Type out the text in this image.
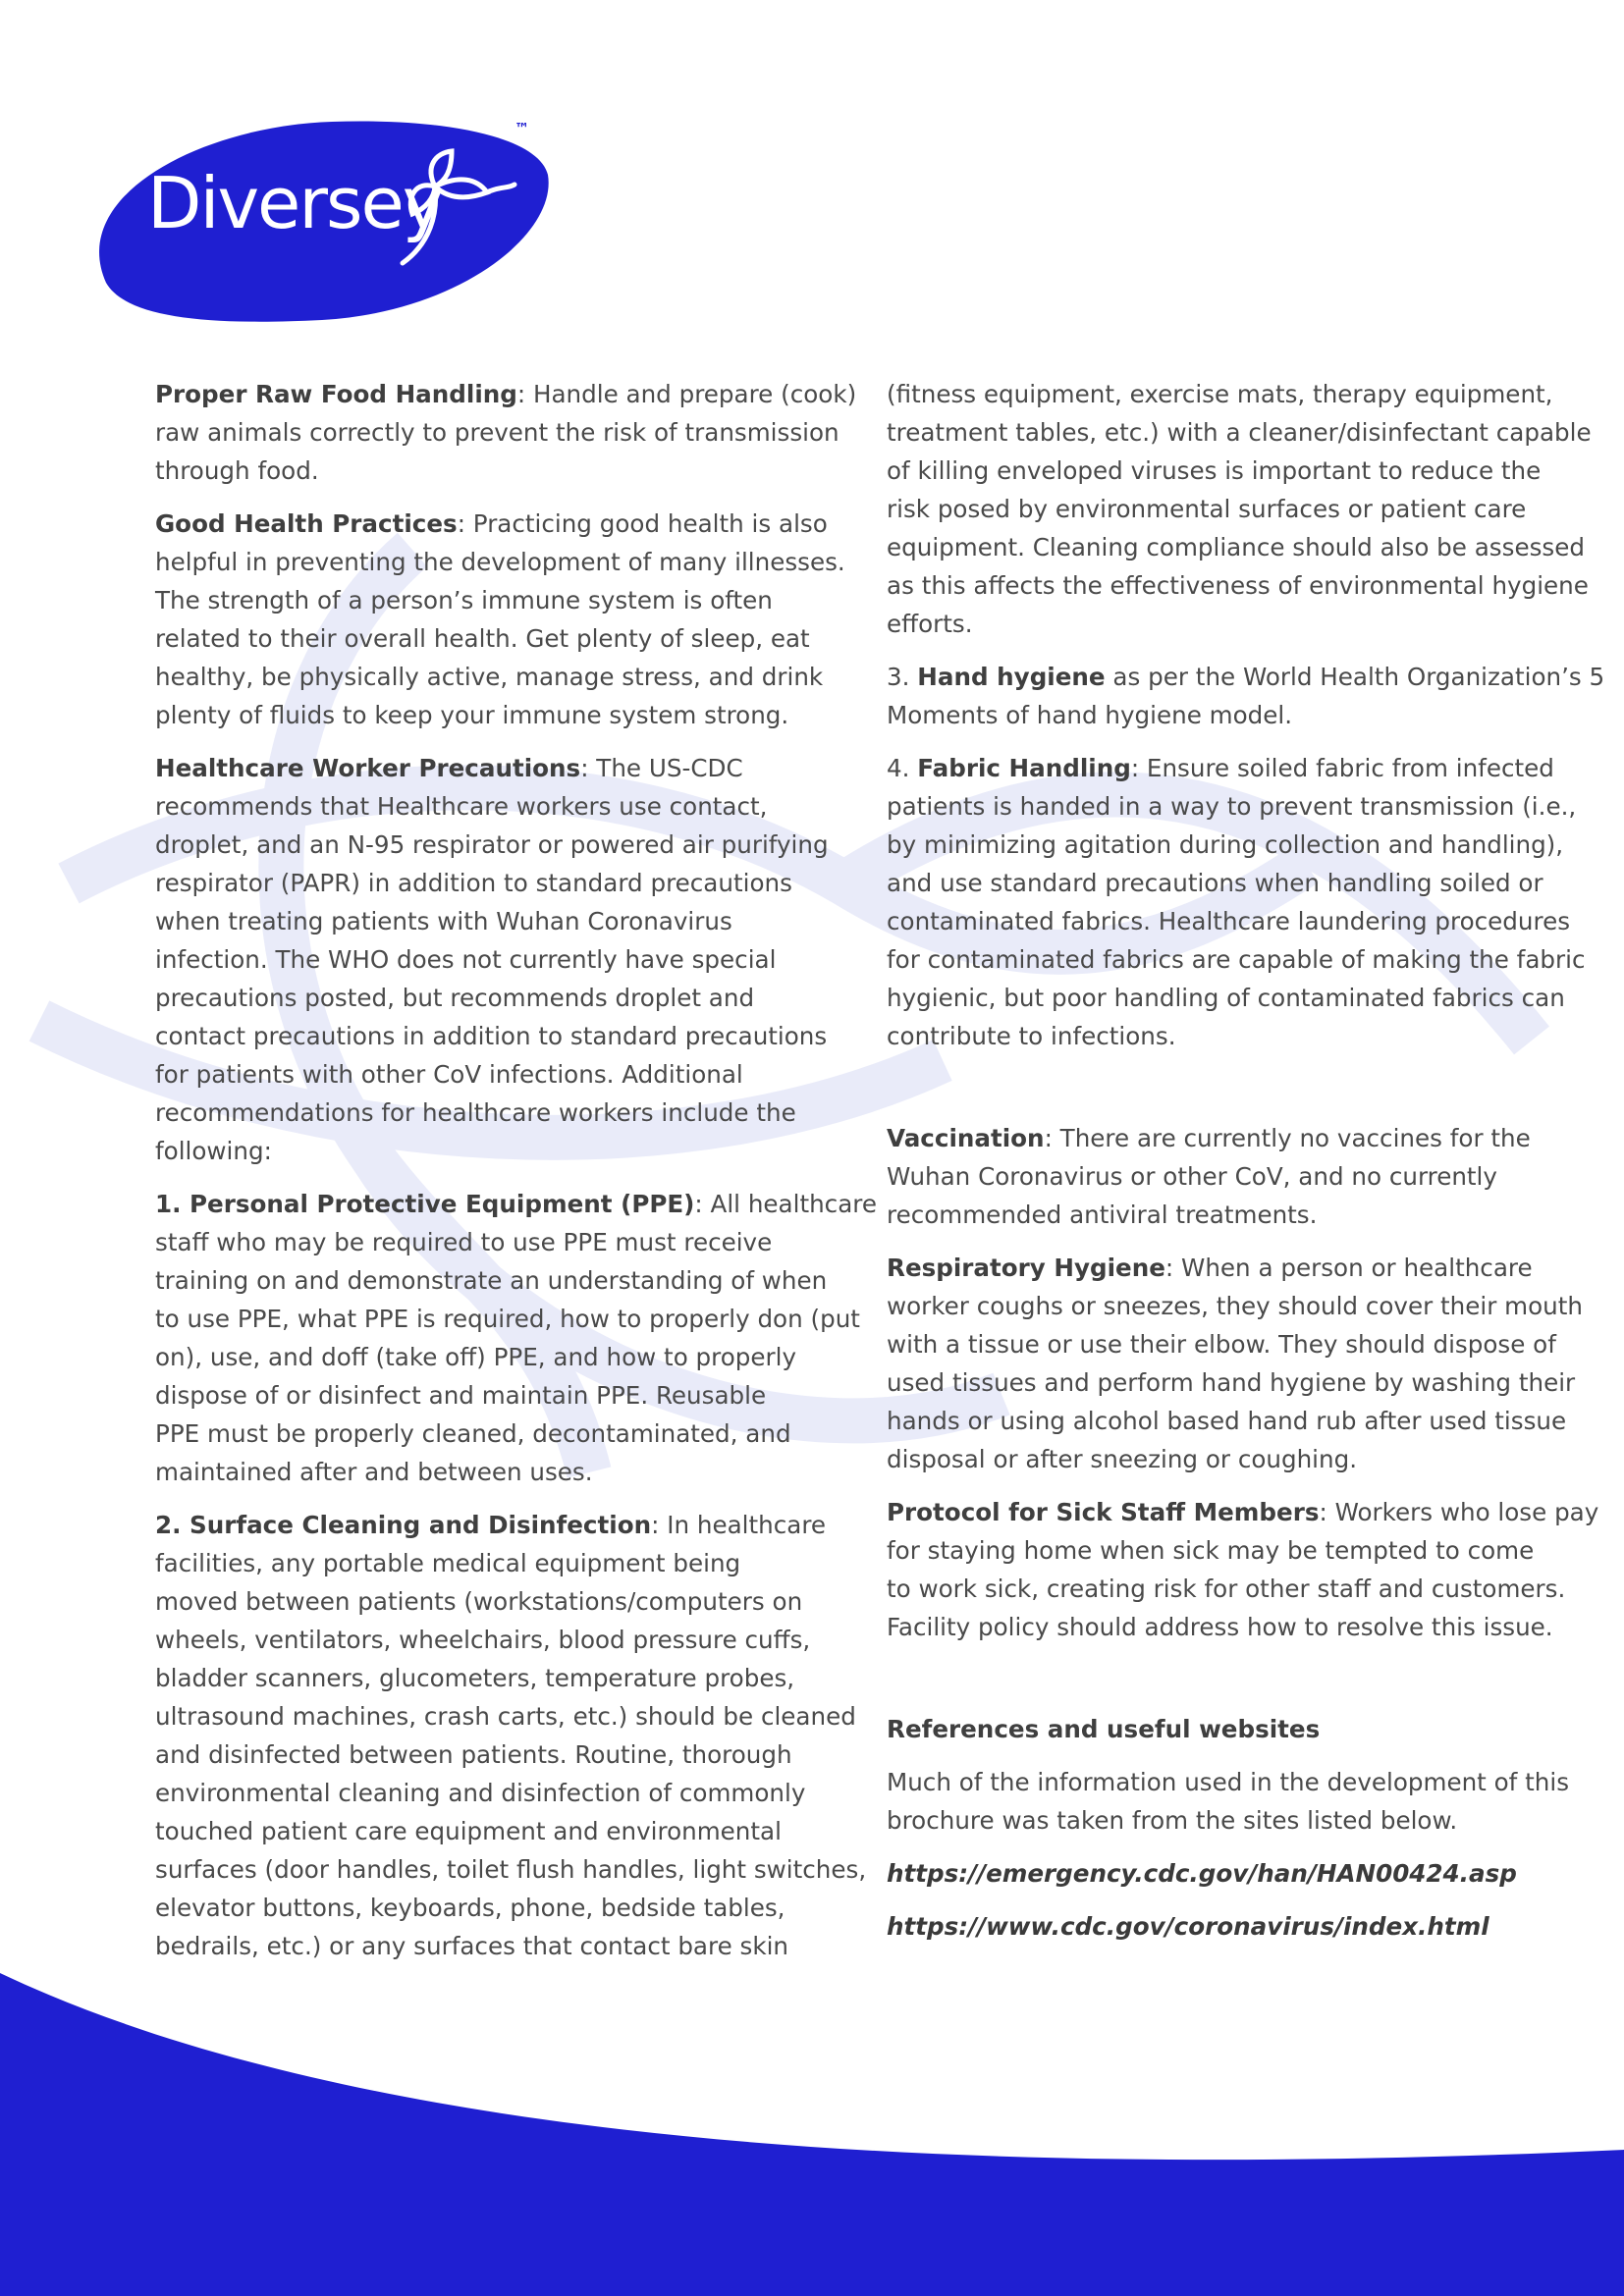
Diversey
™
Proper Raw Food Handling: Handle and prepare (cook)
raw animals correctly to prevent the risk of transmission
through food.
Good Health Practices: Practicing good health is also
helpful in preventing the development of many illnesses.
The strength of a person’s immune system is often
related to their overall health. Get plenty of sleep, eat
healthy, be physically active, manage stress, and drink
plenty of fluids to keep your immune system strong.
Healthcare Worker Precautions: The US-CDC
recommends that Healthcare workers use contact,
droplet, and an N-95 respirator or powered air purifying
respirator (PAPR) in addition to standard precautions
when treating patients with Wuhan Coronavirus
infection. The WHO does not currently have special
precautions posted, but recommends droplet and
contact precautions in addition to standard precautions
for patients with other CoV infections. Additional
recommendations for healthcare workers include the
following:
1. Personal Protective Equipment (PPE): All healthcare
staff who may be required to use PPE must receive
training on and demonstrate an understanding of when
to use PPE, what PPE is required, how to properly don (put
on), use, and doff (take off) PPE, and how to properly
dispose of or disinfect and maintain PPE. Reusable
PPE must be properly cleaned, decontaminated, and
maintained after and between uses.
2. Surface Cleaning and Disinfection: In healthcare
facilities, any portable medical equipment being
moved between patients (workstations/computers on
wheels, ventilators, wheelchairs, blood pressure cuffs,
bladder scanners, glucometers, temperature probes,
ultrasound machines, crash carts, etc.) should be cleaned
and disinfected between patients. Routine, thorough
environmental cleaning and disinfection of commonly
touched patient care equipment and environmental
surfaces (door handles, toilet flush handles, light switches,
elevator buttons, keyboards, phone, bedside tables,
bedrails, etc.) or any surfaces that contact bare skin
(fitness equipment, exercise mats, therapy equipment,
treatment tables, etc.) with a cleaner/disinfectant capable
of killing enveloped viruses is important to reduce the
risk posed by environmental surfaces or patient care
equipment. Cleaning compliance should also be assessed
as this affects the effectiveness of environmental hygiene
efforts.
3. Hand hygiene as per the World Health Organization’s 5
Moments of hand hygiene model.
4. Fabric Handling: Ensure soiled fabric from infected
patients is handed in a way to prevent transmission (i.e.,
by minimizing agitation during collection and handling),
and use standard precautions when handling soiled or
contaminated fabrics. Healthcare laundering procedures
for contaminated fabrics are capable of making the fabric
hygienic, but poor handling of contaminated fabrics can
contribute to infections.
Vaccination: There are currently no vaccines for the
Wuhan Coronavirus or other CoV, and no currently
recommended antiviral treatments.
Respiratory Hygiene: When a person or healthcare
worker coughs or sneezes, they should cover their mouth
with a tissue or use their elbow. They should dispose of
used tissues and perform hand hygiene by washing their
hands or using alcohol based hand rub after used tissue
disposal or after sneezing or coughing.
Protocol for Sick Staff Members: Workers who lose pay
for staying home when sick may be tempted to come
to work sick, creating risk for other staff and customers.
Facility policy should address how to resolve this issue.
References and useful websites
Much of the information used in the development of this
brochure was taken from the sites listed below.
https://emergency.cdc.gov/han/HAN00424.asp
https://www.cdc.gov/coronavirus/index.html
